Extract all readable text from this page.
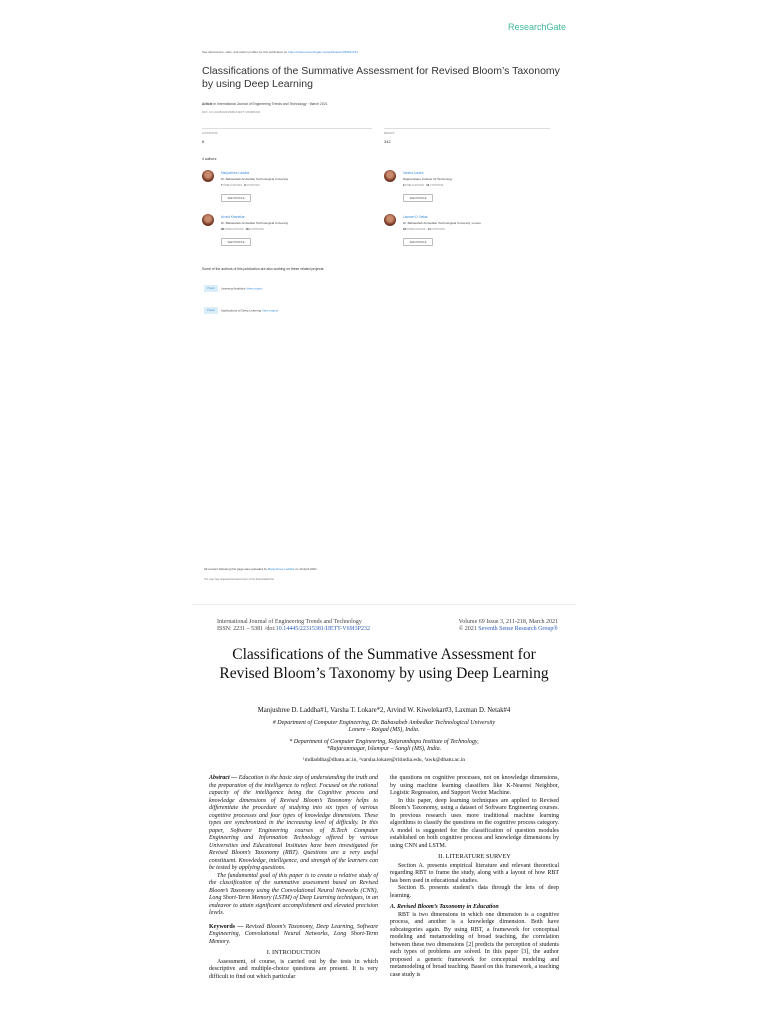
ResearchGate
See discussions, stats, and author profiles for this publication at: https://www.researchgate.net/publication/350821763
Classifications of the Summative Assessment for Revised Bloom’s Taxonomy by using Deep Learning
Article in International Journal of Engineering Trends and Technology · March 2021
DOI: 10.14445/22315381/IJETT-V69I3P232
CITATIONS
8
READS
342
4 authors:
Manjushree Laddha
Dr. Babasaheb Ambedkar Technological University
7 PUBLICATIONS 8 CITATIONS
SEE PROFILE
Varsha Lokare
Rajarambapu Institute Of Technology
9 PUBLICATIONS 12 CITATIONS
SEE PROFILE
Arvind Kiwelekar
Dr. Babasaheb Ambedkar Technological University
38 PUBLICATIONS 111 CITATIONS
SEE PROFILE
Laxman D. Netak
Dr. Babasaheb Ambedkar Technological University, Lonere
33 PUBLICATIONS 14 CITATIONS
SEE PROFILE
Some of the authors of this publication are also working on these related projects:
Project Learning Analytics View project
Project Applications of Deep Learning View project
All content following this page was uploaded by Manjushree Laddha on 13 April 2021.
The user has requested enhancement of the downloaded file.
International Journal of Engineering Trends and Technology
ISSN: 2231 – 5381 /doi:10.14445/22315381/IJETT-V69I3P232
Volume 69 Issue 3, 211-218, March 2021
© 2021 Seventh Sense Research Group®
Classifications of the Summative Assessment for Revised Bloom’s Taxonomy by using Deep Learning
Manjushree D. Laddha#1, Varsha T. Lokare*2, Arvind W. Kiwelekar#3, Laxman D. Netak#4
# Department of Computer Engineering, Dr. Babasaheb Ambedkar Technological University
Lonere – Raigad (MS), India.
* Department of Computer Engineering, Rajarambapu Institute of Technology,
*Rajaramnagar, Islampur – Sangli (MS), India.
¹mdladdha@dbatu.ac.in, ²varsha.lokare@ritindia.edu, ³awk@dbatu.ac.in

Abstract — Education is the basic step of understanding the truth and the preparation of the intelligence to reflect. Focused on the rational capacity of the intelligence being the Cognitive process and knowledge dimensions of Revised Bloom’s Taxonomy helps to differentiate the procedure of studying into six types of various cognitive processes and four types of knowledge dimensions. These types are synchronized in the increasing level of difficulty. In this paper, Software Engineering courses of B.Tech Computer Engineering and Information Technology offered by various Universities and Educational Institutes have been investigated for Revised Bloom’s Taxonomy (RBT). Questions are a very useful constituent. Knowledge, intelligence, and strength of the learners can be tested by applying questions.

The fundamental goal of this paper is to create a relative study of the classification of the summative assessment based on Revised Bloom’s Taxonomy using the Convolutional Neural Networks (CNN), Long Short-Term Memory (LSTM) of Deep Learning techniques, in an endeavor to attain significant accomplishment and elevated precision levels.

Keywords — Revised Bloom’s Taxonomy, Deep Learning, Software Engineering, Convolutional Neural Networks, Long Short-Term Memory.

I. INTRODUCTION

Assessment, of course, is carried out by the tests in which descriptive and multiple-choice questions are present. It is very difficult to find out which particular

the questions on cognitive processes, not on knowledge dimensions, by using machine learning classifiers like K-Nearest Neighbor, Logistic Regression, and Support Vector Machine.

In this paper, deep learning techniques are applied to Revised Bloom’s Taxonomy, using a dataset of Software Engineering courses. In previous research uses more traditional machine learning algorithms to classify the questions on the cognitive process category. A model is suggested for the classification of question modules established on both cognitive process and knowledge dimensions by using CNN and LSTM.

II. LITERATURE SURVEY

Section A. presents empirical literature and relevant theoretical regarding RBT to frame the study, along with a layout of how RBT has been used in educational studies.

Section B. presents student’s data through the lens of deep learning.

A. Revised Bloom’s Taxonomy in Education

RBT is two dimensions in which one dimension is a cognitive process, and another is a knowledge dimension. Both have subcategories again. By using RBT, a framework for conceptual modeling and metamodeling of broad teaching, the correlation between these two dimensions [2] predicts the perception of students such types of problems are solved. In this paper [3], the author proposed a generic framework for conceptual modeling and metamodeling of broad teaching. Based on this framework, a teaching case study is
